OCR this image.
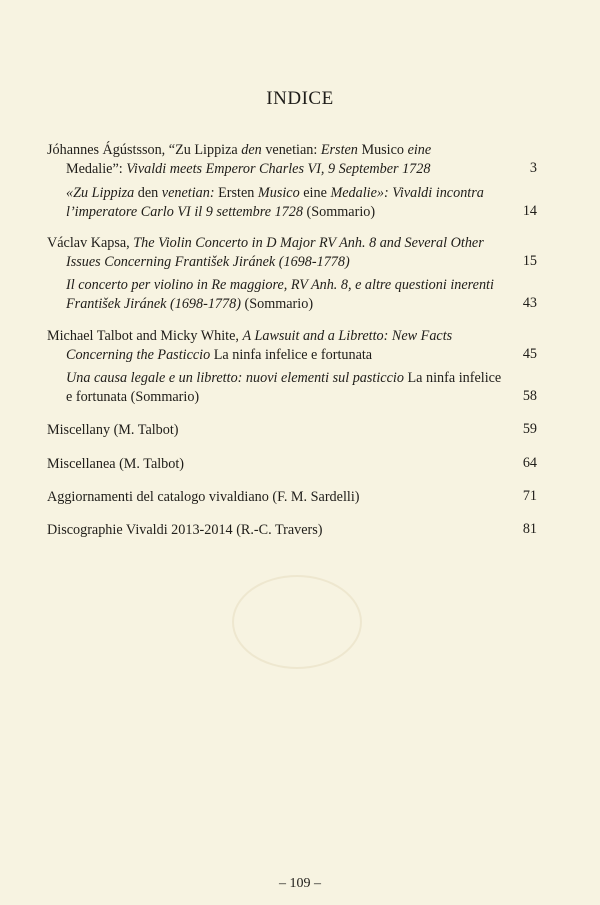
INDICE
Jóhannes Ágústsson, “Zu Lippiza den venetian: Ersten Musico eine
Medalie”: Vivaldi meets Emperor Charles VI, 9 September 1728	3
«Zu Lippiza den venetian: Ersten Musico eine Medalie»: Vivaldi incontra
l’imperatore Carlo VI il 9 settembre 1728 (Sommario)	14
Václav Kapsa, The Violin Concerto in D Major RV Anh. 8 and Several Other
Issues Concerning František Jiránek (1698-1778)	15
Il concerto per violino in Re maggiore, RV Anh. 8, e altre questioni inerenti
František Jiránek (1698-1778) (Sommario)	43
Michael Talbot and Micky White, A Lawsuit and a Libretto: New Facts
Concerning the Pasticcio La ninfa infelice e fortunata	45
Una causa legale e un libretto: nuovi elementi sul pasticcio La ninfa infelice
e fortunata (Sommario)	58
Miscellany (M. Talbot)	59
Miscellanea (M. Talbot)	64
Aggiornamenti del catalogo vivaldiano (F. M. Sardelli)	71
Discographie Vivaldi 2013-2014 (R.-C. Travers)	81
– 109 –
